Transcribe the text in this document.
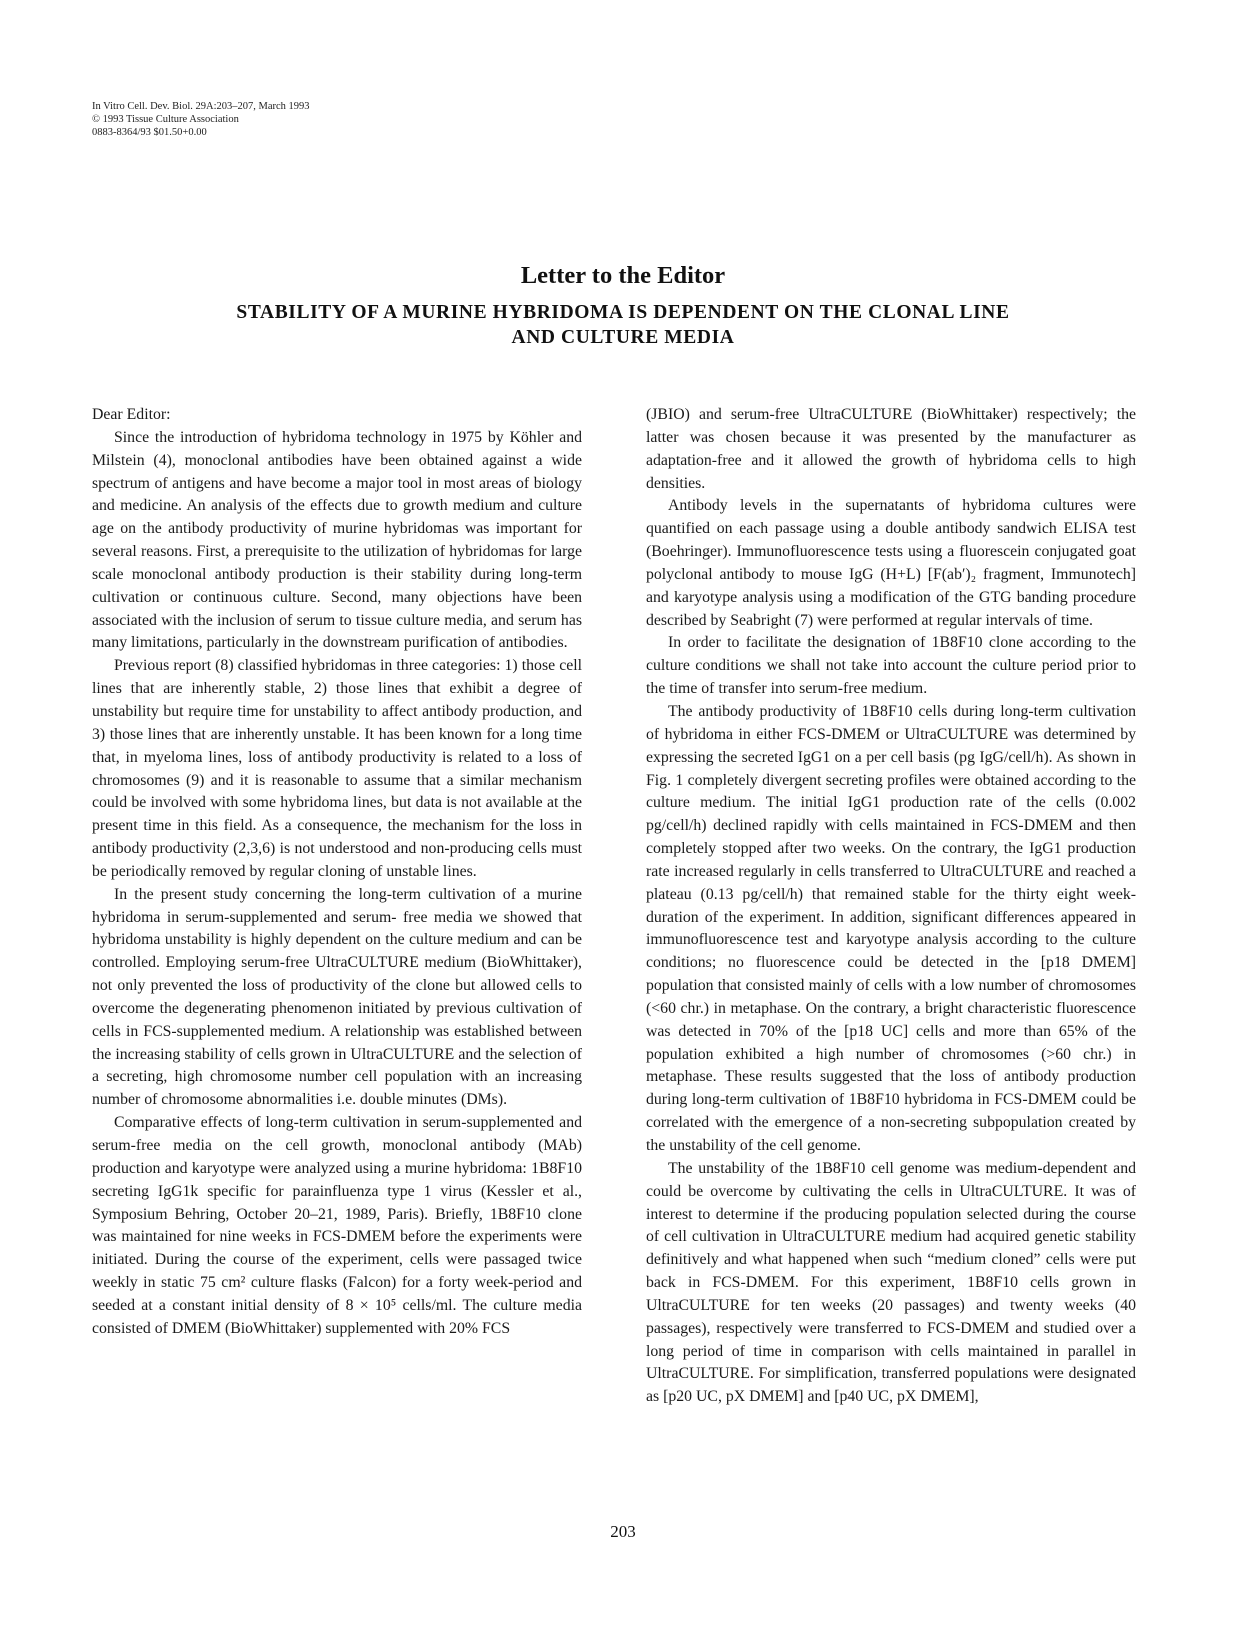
In Vitro Cell. Dev. Biol. 29A:203–207, March 1993
© 1993 Tissue Culture Association
0883-8364/93 $01.50+0.00
Letter to the Editor
STABILITY OF A MURINE HYBRIDOMA IS DEPENDENT ON THE CLONAL LINE
AND CULTURE MEDIA

Dear Editor:

Since the introduction of hybridoma technology in 1975 by Köhler and Milstein (4), monoclonal antibodies have been obtained against a wide spectrum of antigens and have become a major tool in most areas of biology and medicine. An analysis of the effects due to growth medium and culture age on the antibody productivity of murine hybridomas was important for several reasons. First, a prerequisite to the utilization of hybridomas for large scale monoclonal antibody production is their stability during long-term cultivation or continuous culture. Second, many objections have been associated with the inclusion of serum to tissue culture media, and serum has many limitations, particularly in the downstream purification of antibodies.

Previous report (8) classified hybridomas in three categories: 1) those cell lines that are inherently stable, 2) those lines that exhibit a degree of unstability but require time for unstability to affect antibody production, and 3) those lines that are inherently unstable. It has been known for a long time that, in myeloma lines, loss of antibody productivity is related to a loss of chromosomes (9) and it is reasonable to assume that a similar mechanism could be involved with some hybridoma lines, but data is not available at the present time in this field. As a consequence, the mechanism for the loss in antibody productivity (2,3,6) is not understood and non-producing cells must be periodically removed by regular cloning of unstable lines.

In the present study concerning the long-term cultivation of a murine hybridoma in serum-supplemented and serum- free media we showed that hybridoma unstability is highly dependent on the culture medium and can be controlled. Employing serum-free UltraCULTURE medium (BioWhittaker), not only prevented the loss of productivity of the clone but allowed cells to overcome the degenerating phenomenon initiated by previous cultivation of cells in FCS-supplemented medium. A relationship was established between the increasing stability of cells grown in UltraCULTURE and the selection of a secreting, high chromosome number cell population with an increasing number of chromosome abnormalities i.e. double minutes (DMs).

Comparative effects of long-term cultivation in serum-supplemented and serum-free media on the cell growth, monoclonal antibody (MAb) production and karyotype were analyzed using a murine hybridoma: 1B8F10 secreting IgG1k specific for parainfluenza type 1 virus (Kessler et al., Symposium Behring, October 20–21, 1989, Paris). Briefly, 1B8F10 clone was maintained for nine weeks in FCS-DMEM before the experiments were initiated. During the course of the experiment, cells were passaged twice weekly in static 75 cm² culture flasks (Falcon) for a forty week-period and seeded at a constant initial density of 8 × 10⁵ cells/ml. The culture media consisted of DMEM (BioWhittaker) supplemented with 20% FCS

(JBIO) and serum-free UltraCULTURE (BioWhittaker) respectively; the latter was chosen because it was presented by the manufacturer as adaptation-free and it allowed the growth of hybridoma cells to high densities.

Antibody levels in the supernatants of hybridoma cultures were quantified on each passage using a double antibody sandwich ELISA test (Boehringer). Immunofluorescence tests using a fluorescein conjugated goat polyclonal antibody to mouse IgG (H+L) [F(ab′)₂ fragment, Immunotech] and karyotype analysis using a modification of the GTG banding procedure described by Seabright (7) were performed at regular intervals of time.

In order to facilitate the designation of 1B8F10 clone according to the culture conditions we shall not take into account the culture period prior to the time of transfer into serum-free medium.

The antibody productivity of 1B8F10 cells during long-term cultivation of hybridoma in either FCS-DMEM or UltraCULTURE was determined by expressing the secreted IgG1 on a per cell basis (pg IgG/cell/h). As shown in Fig. 1 completely divergent secreting profiles were obtained according to the culture medium. The initial IgG1 production rate of the cells (0.002 pg/cell/h) declined rapidly with cells maintained in FCS-DMEM and then completely stopped after two weeks. On the contrary, the IgG1 production rate increased regularly in cells transferred to UltraCULTURE and reached a plateau (0.13 pg/cell/h) that remained stable for the thirty eight week-duration of the experiment. In addition, significant differences appeared in immunofluorescence test and karyotype analysis according to the culture conditions; no fluorescence could be detected in the [p18 DMEM] population that consisted mainly of cells with a low number of chromosomes (<60 chr.) in metaphase. On the contrary, a bright characteristic fluorescence was detected in 70% of the [p18 UC] cells and more than 65% of the population exhibited a high number of chromosomes (>60 chr.) in metaphase. These results suggested that the loss of antibody production during long-term cultivation of 1B8F10 hybridoma in FCS-DMEM could be correlated with the emergence of a non-secreting subpopulation created by the unstability of the cell genome.

The unstability of the 1B8F10 cell genome was medium-dependent and could be overcome by cultivating the cells in UltraCULTURE. It was of interest to determine if the producing population selected during the course of cell cultivation in UltraCULTURE medium had acquired genetic stability definitively and what happened when such “medium cloned” cells were put back in FCS-DMEM. For this experiment, 1B8F10 cells grown in UltraCULTURE for ten weeks (20 passages) and twenty weeks (40 passages), respectively were transferred to FCS-DMEM and studied over a long period of time in comparison with cells maintained in parallel in UltraCULTURE. For simplification, transferred populations were designated as [p20 UC, pX DMEM] and [p40 UC, pX DMEM],

203
